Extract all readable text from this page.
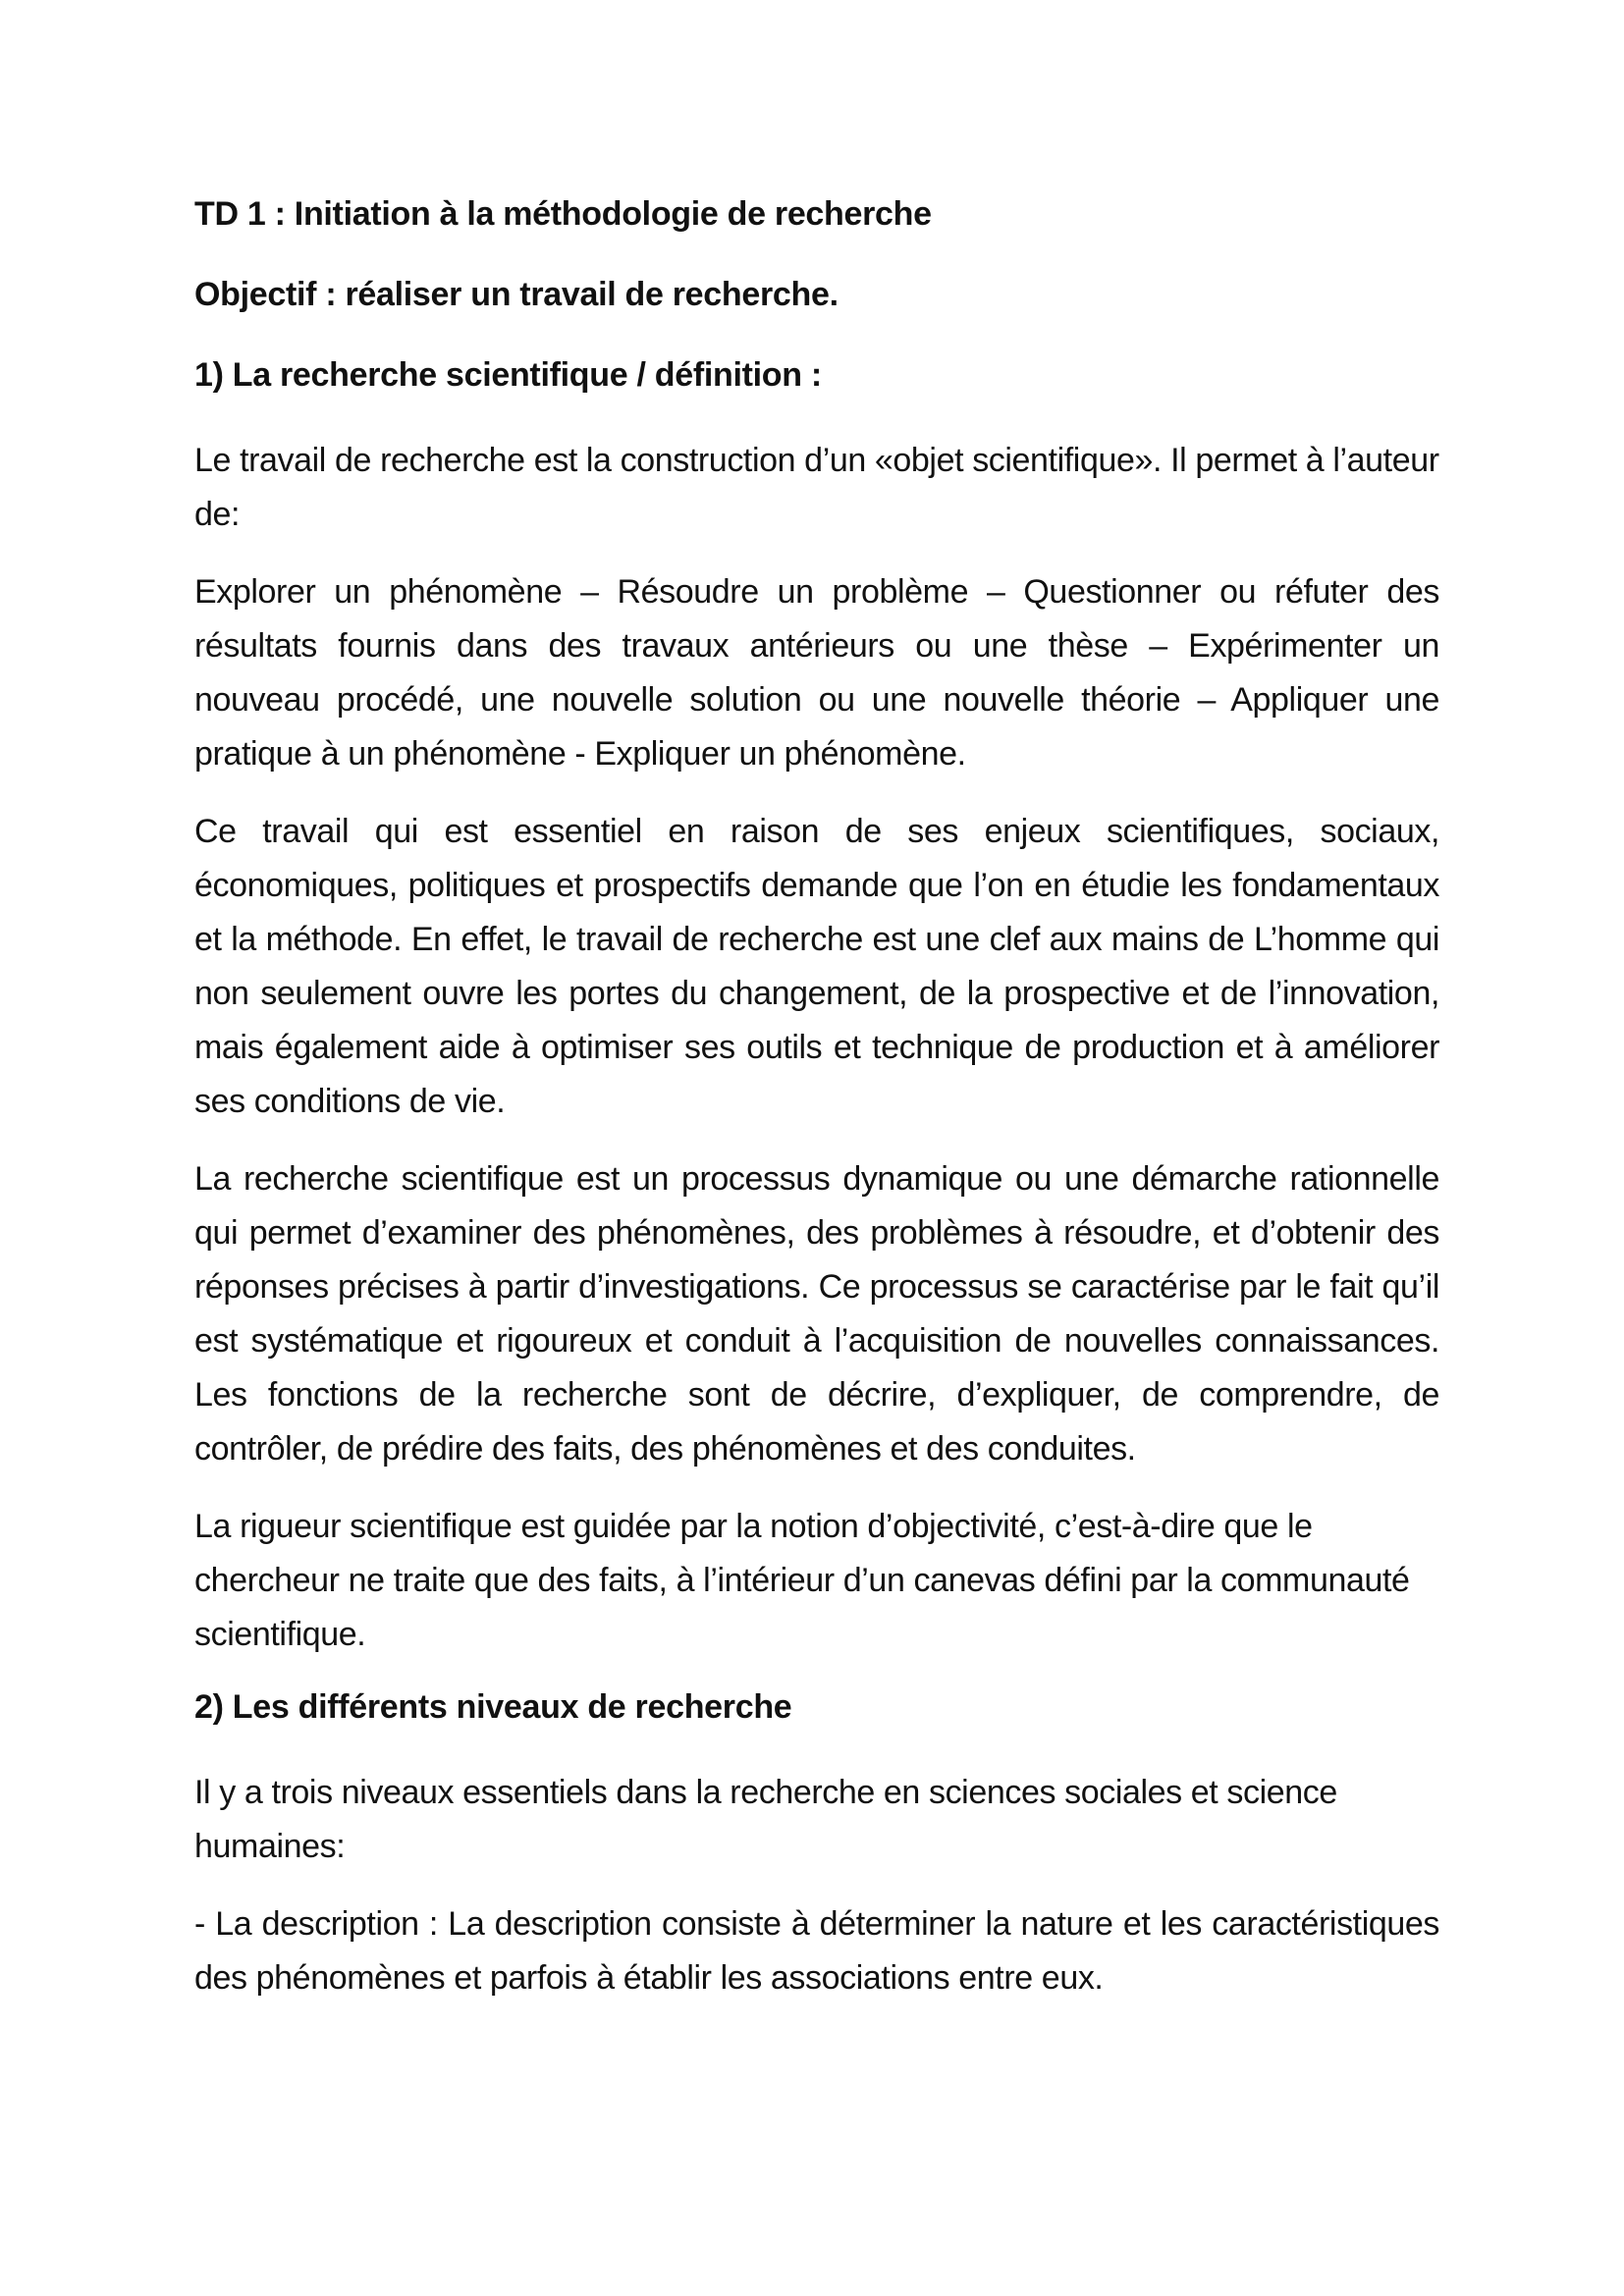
TD 1 : Initiation à la méthodologie de recherche
Objectif : réaliser un travail de recherche.
1) La recherche scientifique / définition :
Le travail de recherche est la construction d’un «objet scientifique». Il permet à l’auteur de:
Explorer un phénomène – Résoudre un problème – Questionner ou réfuter des résultats fournis dans des travaux antérieurs ou une thèse – Expérimenter un nouveau procédé, une nouvelle solution ou une nouvelle théorie – Appliquer une pratique à un phénomène - Expliquer un phénomène.
Ce travail qui est essentiel en raison de ses enjeux scientifiques, sociaux, économiques, politiques et prospectifs demande que l’on en étudie les fondamentaux et la méthode. En effet, le travail de recherche est une clef aux mains de L’homme qui non seulement ouvre les portes du changement, de la prospective et de l’innovation, mais également aide à optimiser ses outils et technique de production et à améliorer ses conditions de vie.
La recherche scientifique est un processus dynamique ou une démarche rationnelle qui permet d’examiner des phénomènes, des problèmes à résoudre, et d’obtenir des réponses précises à partir d’investigations. Ce processus se caractérise par le fait qu’il est systématique et rigoureux et conduit à l’acquisition de nouvelles connaissances. Les fonctions de la recherche sont de décrire, d’expliquer, de comprendre, de contrôler, de prédire des faits, des phénomènes et des conduites.
La rigueur scientifique est guidée par la notion d’objectivité, c’est-à-dire que le chercheur ne traite que des faits, à l’intérieur d’un canevas défini par la communauté scientifique.
2) Les différents niveaux de recherche
Il y a trois niveaux essentiels dans la recherche en sciences sociales et science humaines:
- La description : La description consiste à déterminer la nature et les caractéristiques des phénomènes et parfois à établir les associations entre eux.
